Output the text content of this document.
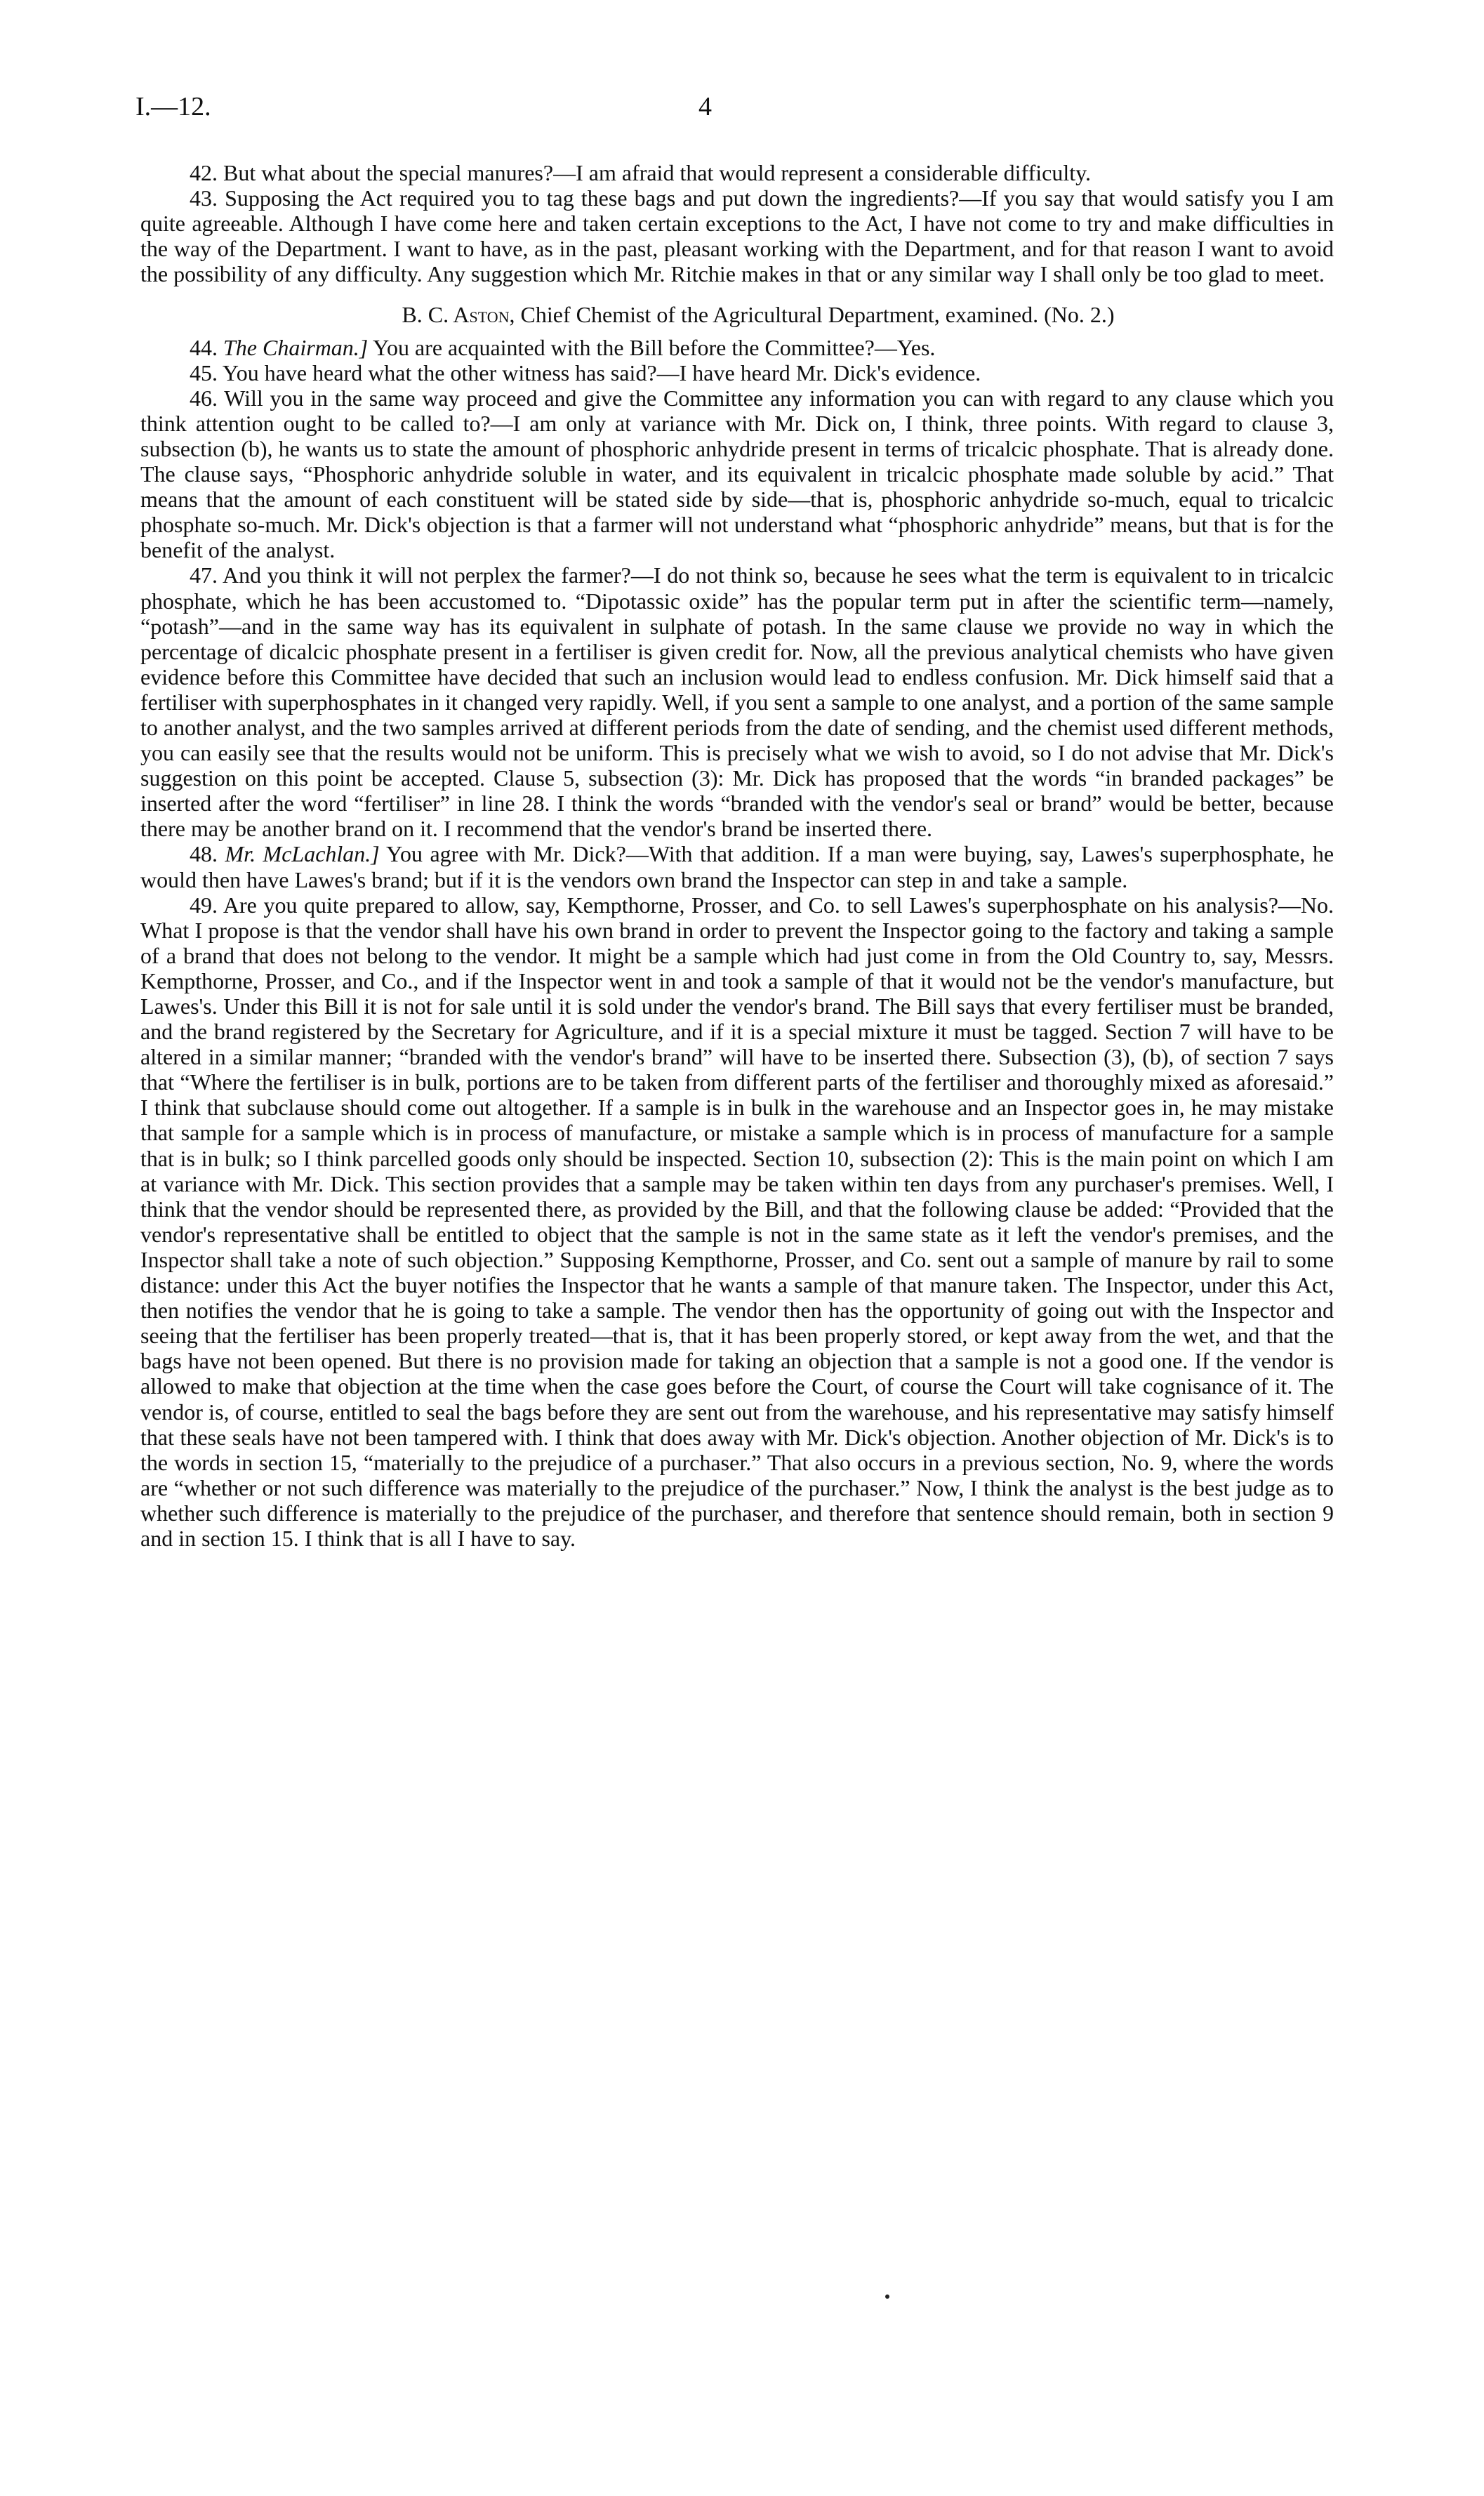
I.—12.	4

42. But what about the special manures?—I am afraid that would represent a considerable difficulty.

43. Supposing the Act required you to tag these bags and put down the ingredients?—If you say that would satisfy you I am quite agreeable. Although I have come here and taken certain exceptions to the Act, I have not come to try and make difficulties in the way of the Department. I want to have, as in the past, pleasant working with the Department, and for that reason I want to avoid the possibility of any difficulty. Any suggestion which Mr. Ritchie makes in that or any similar way I shall only be too glad to meet.

B. C. Aston, Chief Chemist of the Agricultural Department, examined. (No. 2.)

44. The Chairman.] You are acquainted with the Bill before the Committee?—Yes.

45. You have heard what the other witness has said?—I have heard Mr. Dick's evidence.

46. Will you in the same way proceed and give the Committee any information you can with regard to any clause which you think attention ought to be called to?—I am only at variance with Mr. Dick on, I think, three points. With regard to clause 3, subsection (b), he wants us to state the amount of phosphoric anhydride present in terms of tricalcic phosphate. That is already done. The clause says, “Phosphoric anhydride soluble in water, and its equivalent in tricalcic phosphate made soluble by acid.” That means that the amount of each constituent will be stated side by side—that is, phosphoric anhydride so-much, equal to tricalcic phosphate so-much. Mr. Dick's objection is that a farmer will not understand what “phosphoric anhydride” means, but that is for the benefit of the analyst.

47. And you think it will not perplex the farmer?—I do not think so, because he sees what the term is equivalent to in tricalcic phosphate, which he has been accustomed to. “Dipotassic oxide” has the popular term put in after the scientific term—namely, “potash”—and in the same way has its equivalent in sulphate of potash. In the same clause we provide no way in which the percentage of dicalcic phosphate present in a fertiliser is given credit for. Now, all the previous analytical chemists who have given evidence before this Committee have decided that such an inclusion would lead to endless confusion. Mr. Dick himself said that a fertiliser with superphosphates in it changed very rapidly. Well, if you sent a sample to one analyst, and a portion of the same sample to another analyst, and the two samples arrived at different periods from the date of sending, and the chemist used different methods, you can easily see that the results would not be uniform. This is precisely what we wish to avoid, so I do not advise that Mr. Dick's suggestion on this point be accepted. Clause 5, subsection (3): Mr. Dick has proposed that the words “in branded packages” be inserted after the word “fertiliser” in line 28. I think the words “branded with the vendor's seal or brand” would be better, because there may be another brand on it. I recommend that the vendor's brand be inserted there.

48. Mr. McLachlan.] You agree with Mr. Dick?—With that addition. If a man were buying, say, Lawes's superphosphate, he would then have Lawes's brand; but if it is the vendors own brand the Inspector can step in and take a sample.

49. Are you quite prepared to allow, say, Kempthorne, Prosser, and Co. to sell Lawes's superphosphate on his analysis?—No. What I propose is that the vendor shall have his own brand in order to prevent the Inspector going to the factory and taking a sample of a brand that does not belong to the vendor. It might be a sample which had just come in from the Old Country to, say, Messrs. Kempthorne, Prosser, and Co., and if the Inspector went in and took a sample of that it would not be the vendor's manufacture, but Lawes's. Under this Bill it is not for sale until it is sold under the vendor's brand. The Bill says that every fertiliser must be branded, and the brand registered by the Secretary for Agriculture, and if it is a special mixture it must be tagged. Section 7 will have to be altered in a similar manner; “branded with the vendor's brand” will have to be inserted there. Subsection (3), (b), of section 7 says that “Where the fertiliser is in bulk, portions are to be taken from different parts of the fertiliser and thoroughly mixed as aforesaid.” I think that subclause should come out altogether. If a sample is in bulk in the warehouse and an Inspector goes in, he may mistake that sample for a sample which is in process of manufacture, or mistake a sample which is in process of manufacture for a sample that is in bulk; so I think parcelled goods only should be inspected. Section 10, subsection (2): This is the main point on which I am at variance with Mr. Dick. This section provides that a sample may be taken within ten days from any purchaser's premises. Well, I think that the vendor should be represented there, as provided by the Bill, and that the following clause be added: “Provided that the vendor's representative shall be entitled to object that the sample is not in the same state as it left the vendor's premises, and the Inspector shall take a note of such objection.” Supposing Kempthorne, Prosser, and Co. sent out a sample of manure by rail to some distance: under this Act the buyer notifies the Inspector that he wants a sample of that manure taken. The Inspector, under this Act, then notifies the vendor that he is going to take a sample. The vendor then has the opportunity of going out with the Inspector and seeing that the fertiliser has been properly treated—that is, that it has been properly stored, or kept away from the wet, and that the bags have not been opened. But there is no provision made for taking an objection that a sample is not a good one. If the vendor is allowed to make that objection at the time when the case goes before the Court, of course the Court will take cognisance of it. The vendor is, of course, entitled to seal the bags before they are sent out from the warehouse, and his representative may satisfy himself that these seals have not been tampered with. I think that does away with Mr. Dick's objection. Another objection of Mr. Dick's is to the words in section 15, “materially to the prejudice of a purchaser.” That also occurs in a previous section, No. 9, where the words are “whether or not such difference was materially to the prejudice of the purchaser.” Now, I think the analyst is the best judge as to whether such difference is materially to the prejudice of the purchaser, and therefore that sentence should remain, both in section 9 and in section 15. I think that is all I have to say.
